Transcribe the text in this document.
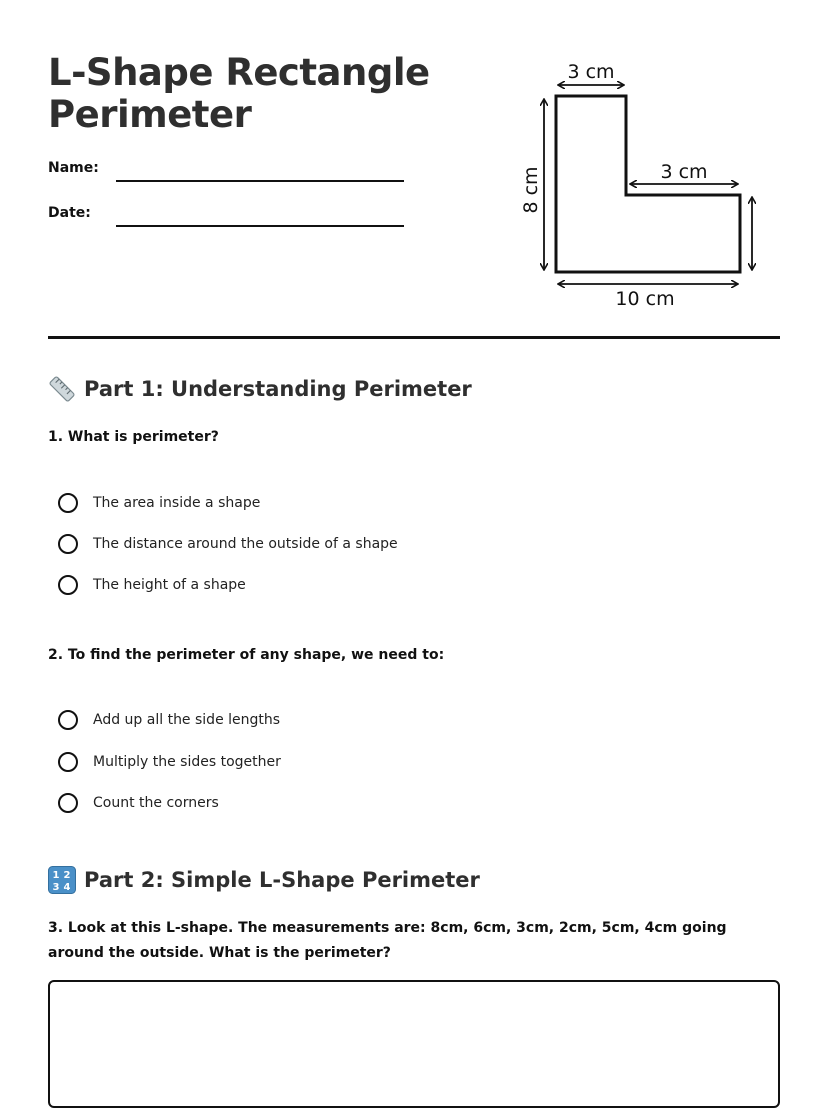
L-Shape Rectangle Perimeter
Name:
Date:
3 cm
3 cm
8 cm
10 cm
Part 1: Understanding Perimeter

1. What is perimeter?

The area inside a shape
The distance around the outside of a shape
The height of a shape

2. To find the perimeter of any shape, we need to:

Add up all the side lengths
Multiply the sides together
Count the corners
1 2
3 4 Part 2: Simple L-Shape Perimeter

3. Look at this L-shape. The measurements are: 8cm, 6cm, 3cm, 2cm, 5cm, 4cm going around the outside. What is the perimeter?
